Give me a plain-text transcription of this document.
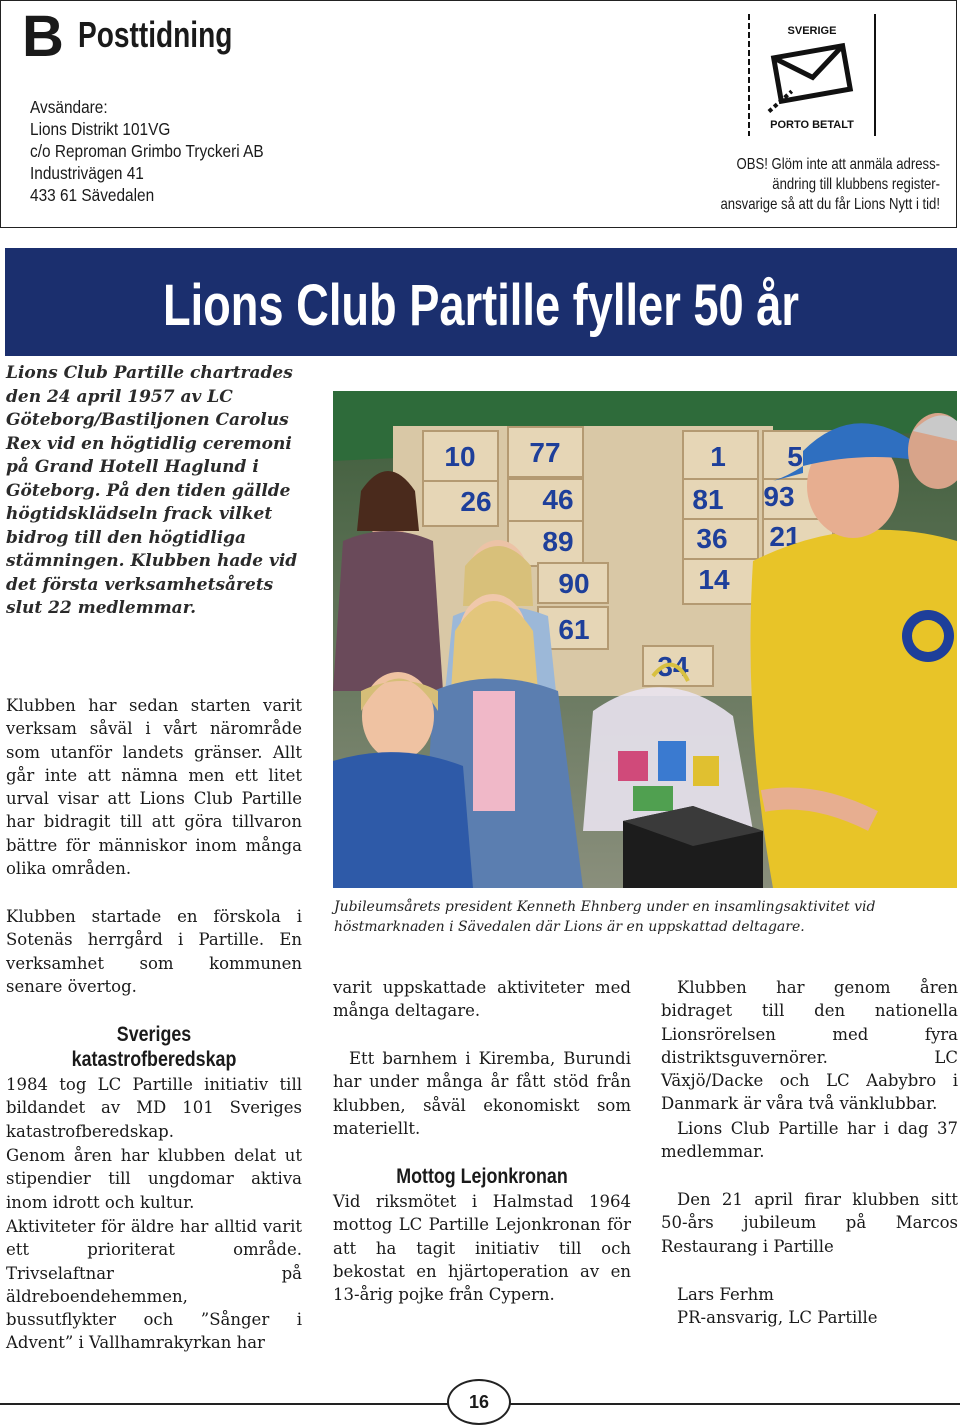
B Posttidning
Avsändare:
Lions Distrikt 101VG
c/o Reproman Grimbo Tryckeri AB
Industrivägen 41
433 61 Sävedalen
SVERIGE
PORTO BETALT
OBS! Glöm inte att anmäla adress-
ändring till klubbens register-
ansvarige så att du får Lions Nytt i tid!
Lions Club Partille fyller 50 år
Lions Club Partille chartrades den 24 april 1957 av LC Göteborg/Bastiljonen Carolus Rex vid en högtidlig ceremoni på Grand Hotell Haglund i Göteborg. På den tiden gällde högtidsklädseln frack vilket bidrog till den högtidliga stämningen. Klubben hade vid det första verksamhetsårets slut 22 medlemmar.
Klubben har sedan starten varit verksam såväl i vårt närområde som utanför landets gränser. Allt går inte att nämna men ett litet urval visar att Lions Club Partille har bidragit till att göra tillvaron bättre för människor inom många olika områden.
Klubben startade en förskola i Sotenäs herrgård i Partille. En verksamhet som kommunen senare övertog.
Sveriges
katastrofberedskap
1984 tog LC Partille initiativ till bildandet av MD 101 Sveriges katastrofberedskap.
Genom åren har klubben delat ut stipendier till ungdomar aktiva inom idrott och kultur.
Aktiviteter för äldre har alltid varit ett prioriterat område. Trivselaftnar på äldreboendehemmen, bussutflykter och ”Sånger i Advent” i Vallhamrakyrkan har
10 77	1 5
26 46	81 93
89	36 21
90	14
61
34
Jubileumsårets president Kenneth Ehnberg under en insamlingsaktivitet vid höstmarknaden i Sävedalen där Lions är en uppskattad deltagare.
varit uppskattade aktiviteter med många deltagare.
Ett barnhem i Kiremba, Burundi har under många år fått stöd från klubben, såväl ekonomiskt som materiellt.
Mottog Lejonkronan
Vid riksmötet i Halmstad 1964 mottog LC Partille Lejonkronan för att ha tagit initiativ till och bekostat en hjärtoperation av en 13-årig pojke från Cypern.
Klubben har genom åren bidraget till den nationella Lionsrörelsen med fyra distriktsguvernörer. LC Växjö/Dacke och LC Aabybro i Danmark är våra två vänklubbar.
Lions Club Partille har i dag 37 medlemmar.
Den 21 april firar klubben sitt 50-års jubileum på Marcos Restaurang i Partille
Lars Ferhm
PR-ansvarig, LC Partille
16
